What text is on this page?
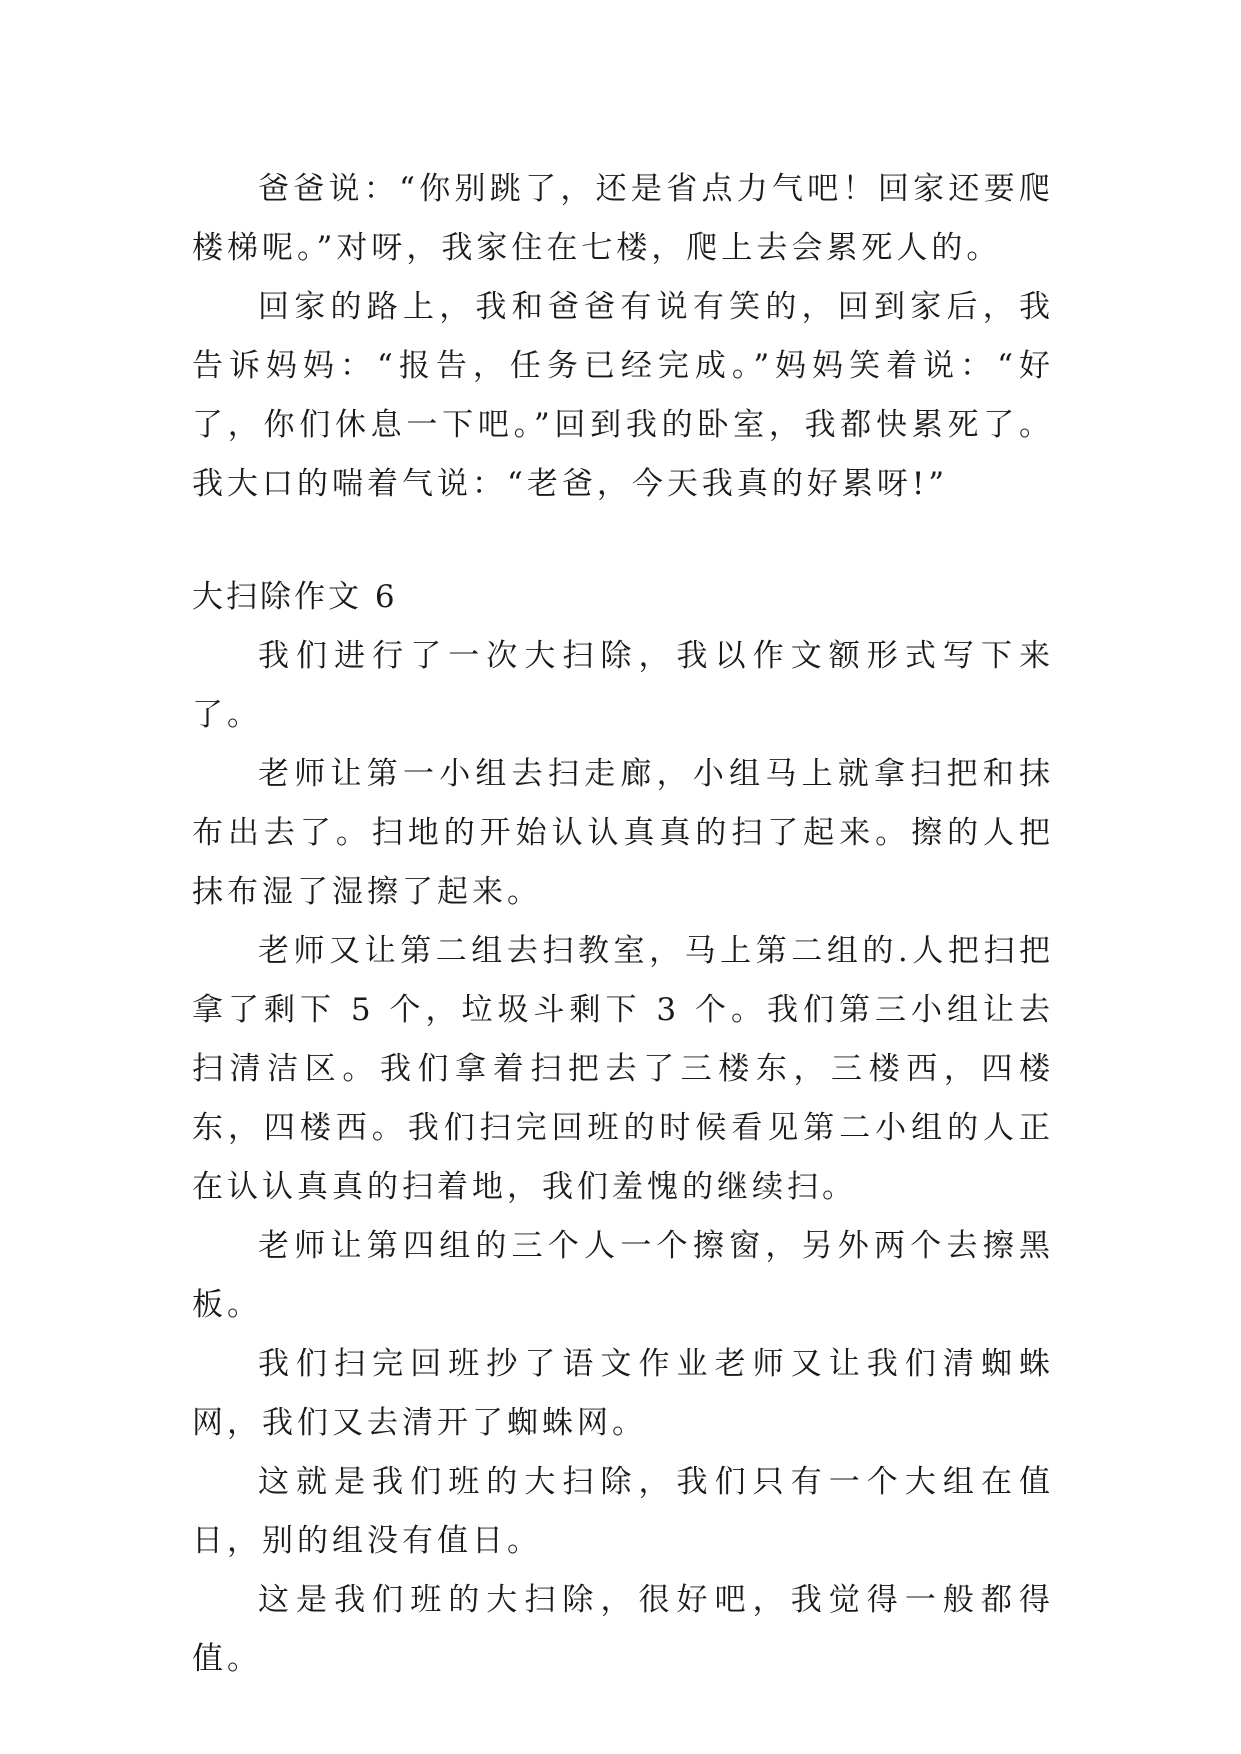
爸爸说：“你别跳了，还是省点力气吧！回家还要爬楼梯呢。”对呀，我家住在七楼，爬上去会累死人的。

回家的路上，我和爸爸有说有笑的，回到家后，我告诉妈妈：“报告，任务已经完成。”妈妈笑着说：“好了，你们休息一下吧。”回到我的卧室，我都快累死了。我大口的喘着气说：“老爸，今天我真的好累呀!”

大扫除作文 6

我们进行了一次大扫除，我以作文额形式写下来了。

老师让第一小组去扫走廊，小组马上就拿扫把和抹布出去了。扫地的开始认认真真的扫了起来。擦的人把抹布湿了湿擦了起来。

老师又让第二组去扫教室，马上第二组的.人把扫把拿了剩下 5 个，垃圾斗剩下 3 个。我们第三小组让去扫清洁区。我们拿着扫把去了三楼东，三楼西，四楼东，四楼西。我们扫完回班的时候看见第二小组的人正在认认真真的扫着地，我们羞愧的继续扫。

老师让第四组的三个人一个擦窗，另外两个去擦黑板。

我们扫完回班抄了语文作业老师又让我们清蜘蛛网，我们又去清开了蜘蛛网。

这就是我们班的大扫除，我们只有一个大组在值日，别的组没有值日。

这是我们班的大扫除，很好吧，我觉得一般都得值。
